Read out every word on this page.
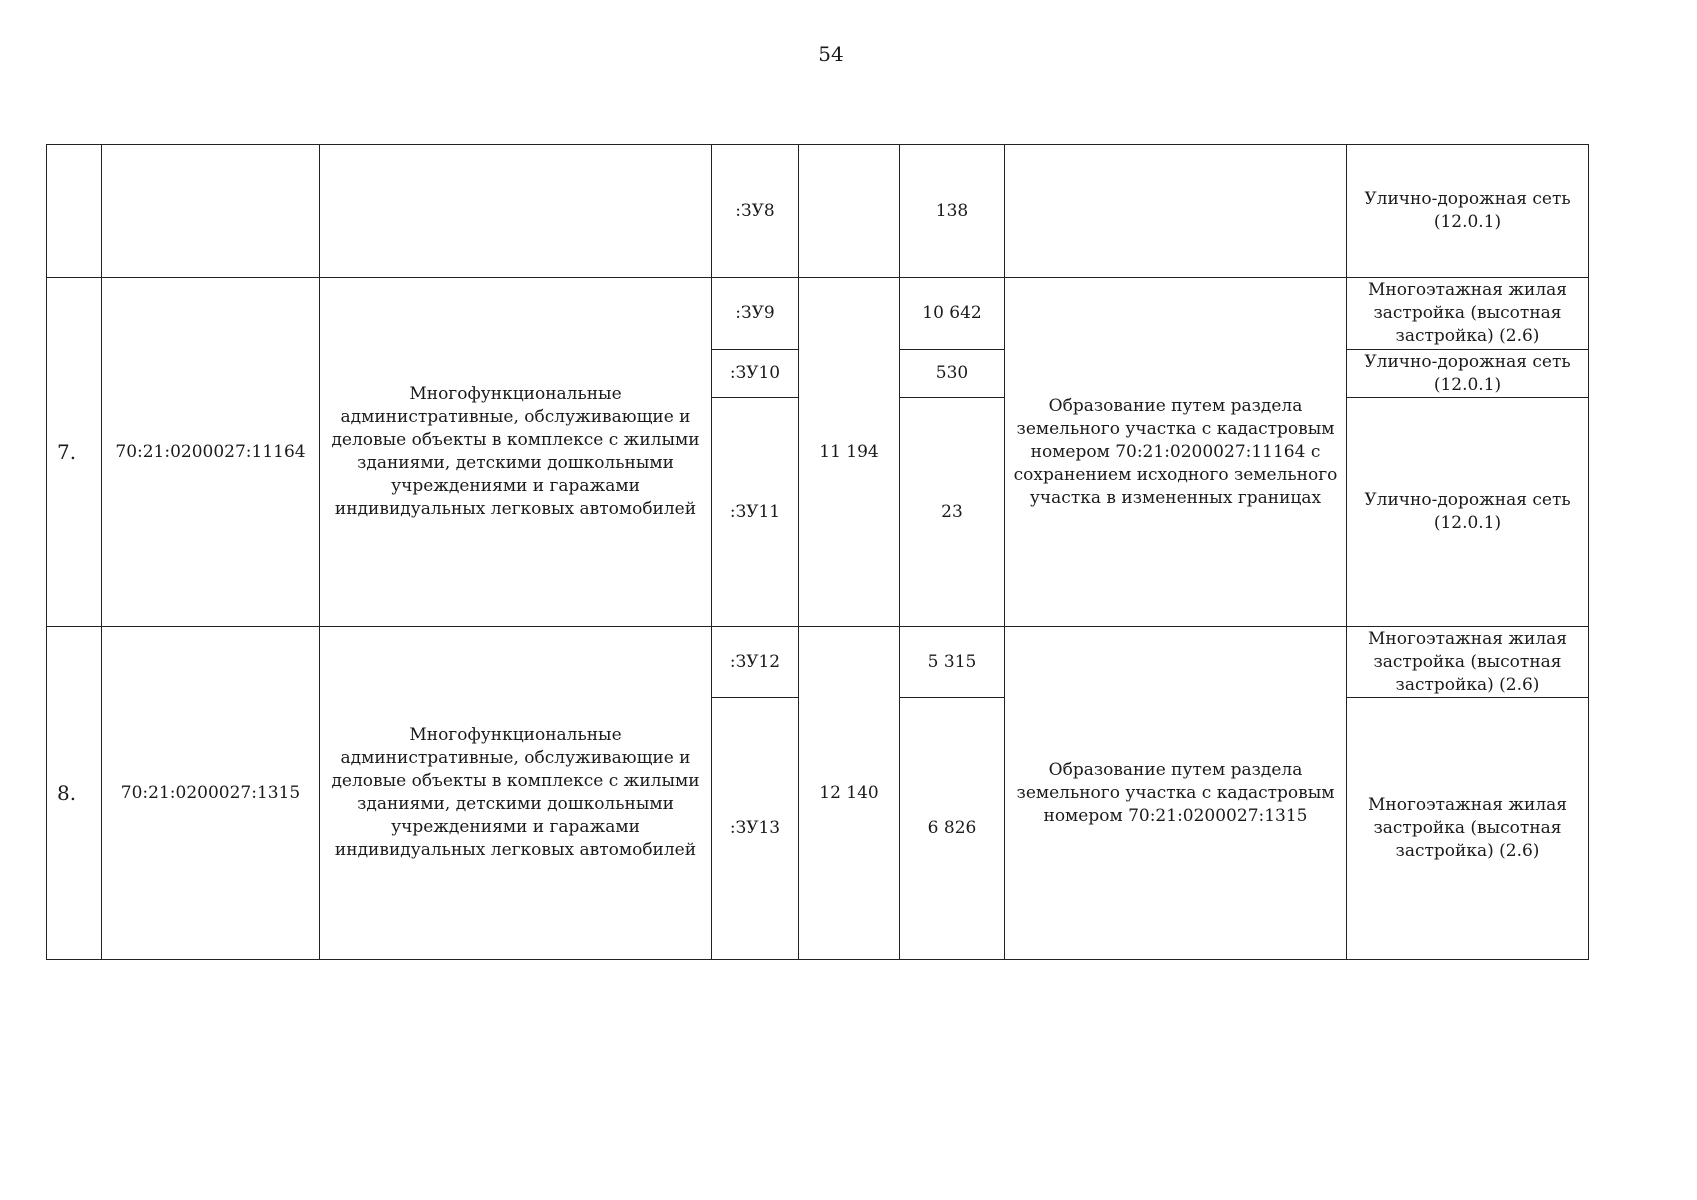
54
			:ЗУ8		138		Улично-дорожная сеть (12.0.1)
7.	70:21:0200027:11164	Многофункциональные административные, обслуживающие и деловые объекты в комплексе с жилыми зданиями, детскими дошкольными учреждениями и гаражами индивидуальных легковых автомобилей	:ЗУ9	11 194	10 642	Образование путем раздела земельного участка с кадастровым номером 70:21:0200027:11164 с сохранением исходного земельного участка в измененных границах	Многоэтажная жилая застройка (высотная застройка) (2.6)
			:ЗУ10		530		Улично-дорожная сеть (12.0.1)
			:ЗУ11		23		Улично-дорожная сеть (12.0.1)
8.	70:21:0200027:1315	Многофункциональные административные, обслуживающие и деловые объекты в комплексе с жилыми зданиями, детскими дошкольными учреждениями и гаражами индивидуальных легковых автомобилей	:ЗУ12	12 140	5 315	Образование путем раздела земельного участка с кадастровым номером 70:21:0200027:1315	Многоэтажная жилая застройка (высотная застройка) (2.6)
			:ЗУ13		6 826		Многоэтажная жилая застройка (высотная застройка) (2.6)
